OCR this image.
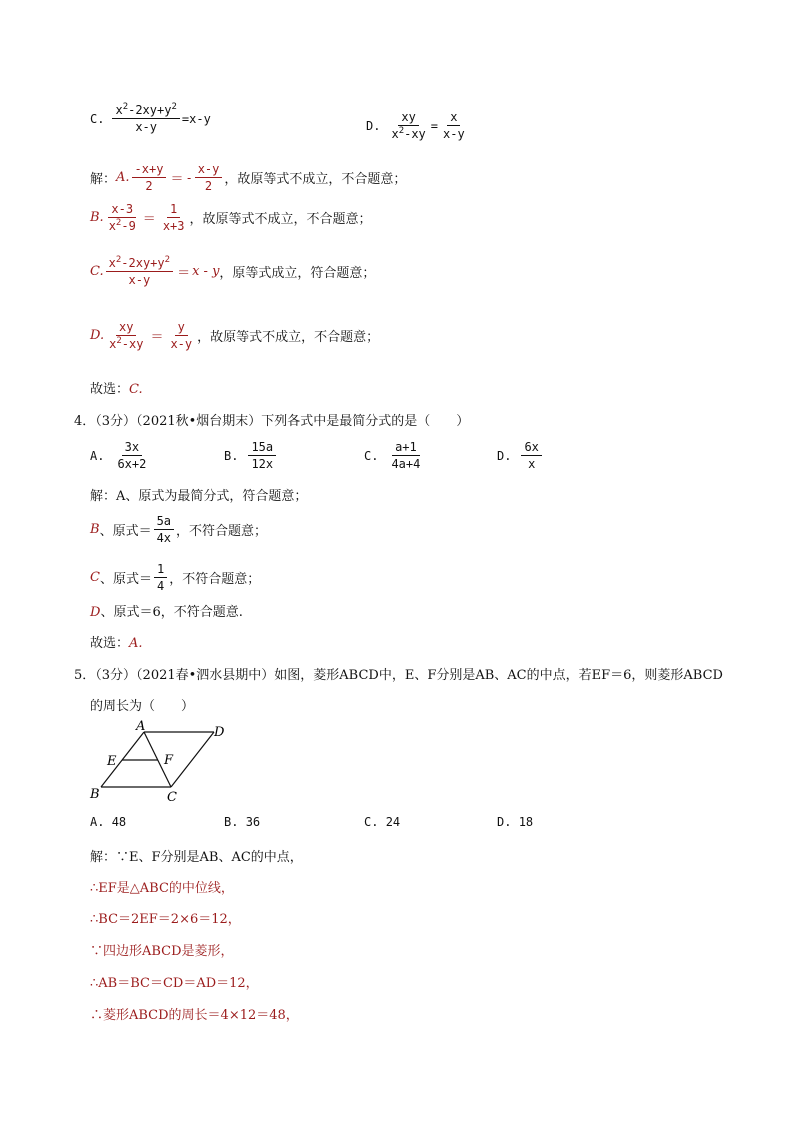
C. $\frac{x^2-2xy+y^2}{x-y} =x-y$	D. $\frac{xy}{x^2-xy} = \frac{x}{x-y}$
解： A. $\frac{-x+y}{2}$ ＝ - $\frac{x-y}{2}$ ，故原等式不成立，不合题意；
B. $\frac{x-3}{x^2-9} = \frac{1}{x+3}$ ，故原等式不成立，不合题意；
C. $\frac{x^2-2xy+y^2}{x-y} = x - y$ ，原等式成立，符合题意；
D. $\frac{xy}{x^2-xy} = \frac{y}{x-y}$ ，故原等式不成立，不合题意；
故选：C.
4．（3分）（2021秋•烟台期末）下列各式中是最简分式的是（　　）
A. $\frac{3x}{6x+2}$	B. $\frac{15a}{12x}$	C. $\frac{a+1}{4a+4}$	D. $\frac{6x}{x}$
解：A、原式为最简分式，符合题意；
B 、原式＝ $\frac{5a}{4x}$ ，不符合题意；
C 、原式＝ $\frac{1}{4}$ ，不符合题意；
D、原式＝6，不符合题意.
故选：A.
5．（3分）（2021春•泗水县期中）如图，菱形ABCD中，E、F分别是AB、AC的中点，若EF＝6，则菱形ABCD
的周长为（　　）
A	D
E	F
B	C
A. 48	B. 36	C. 24	D. 18
解：∵E、F分别是AB、AC的中点，
∴EF是△ABC的中位线，
∴BC＝2EF＝2×6＝12，
∵四边形ABCD是菱形，
∴AB＝BC＝CD＝AD＝12，
∴菱形ABCD的周长＝4×12＝48，
